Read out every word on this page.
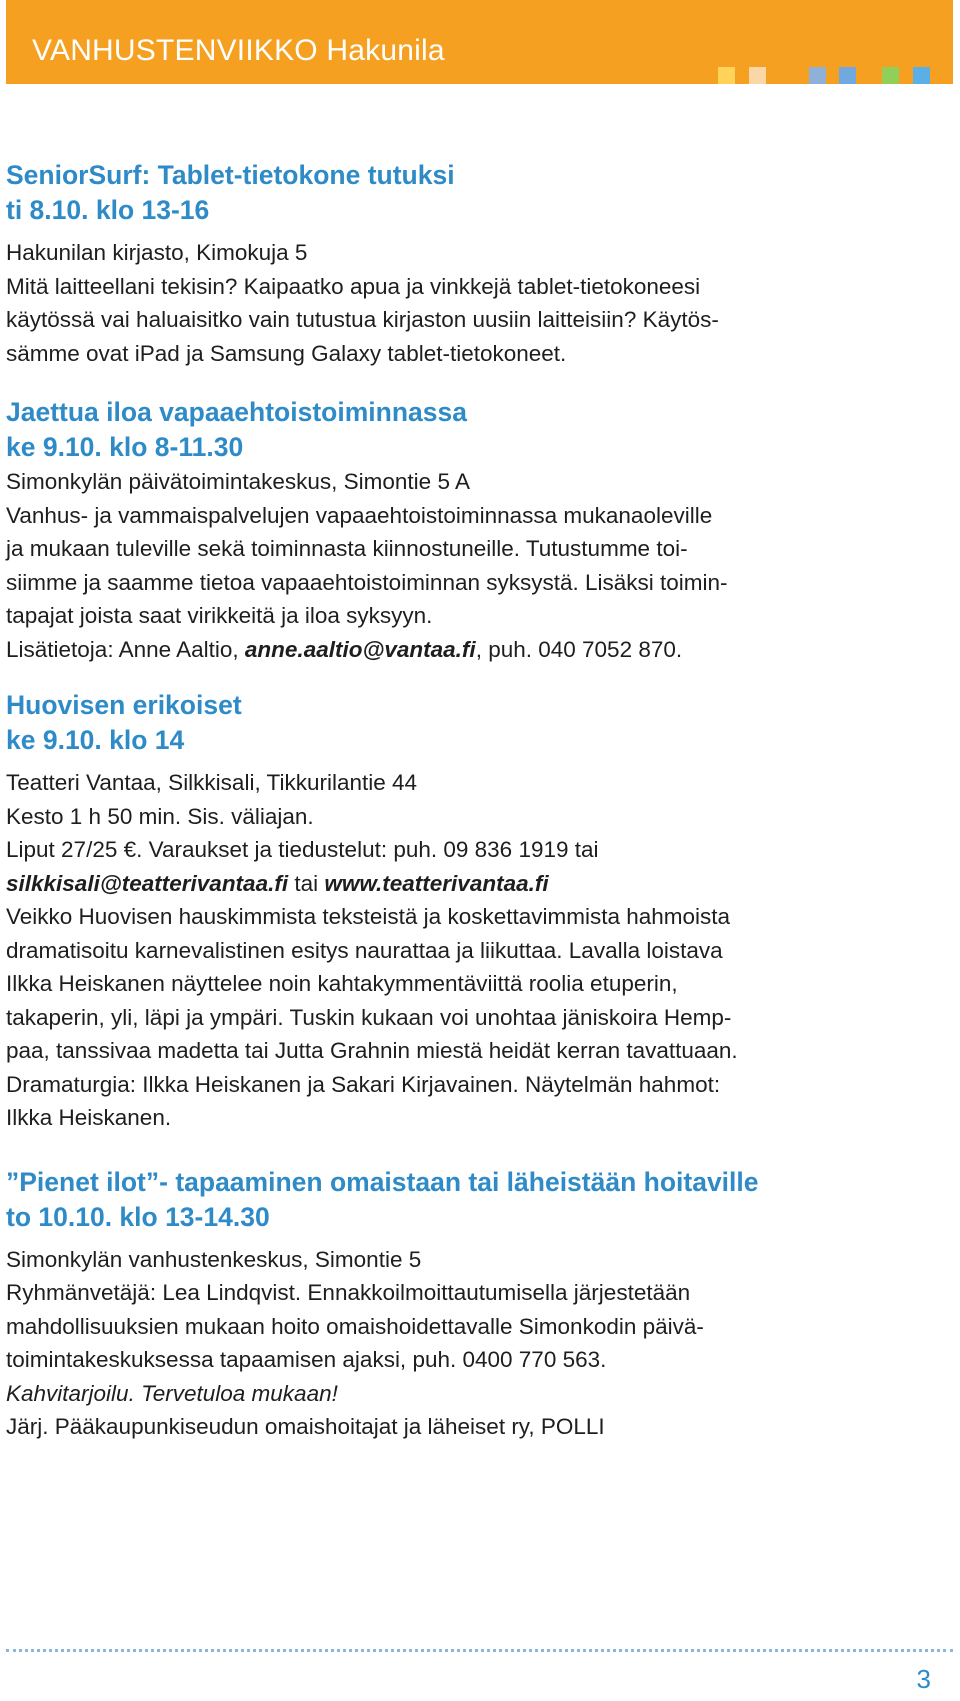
VANHUSTENVIIKKO Hakunila
SeniorSurf: Tablet-tietokone tutuksi
ti 8.10. klo 13-16

Hakunilan kirjasto, Kimokuja 5

Mitä laitteellani tekisin? Kaipaatko apua ja vinkkejä tablet-tietokoneesi

käytössä vai haluaisitko vain tutustua kirjaston uusiin laitteisiin? Käytös-

sämme ovat iPad ja Samsung Galaxy tablet-tietokoneet.

Jaettua iloa vapaaehtoistoiminnassa
ke 9.10. klo 8-11.30

Simonkylän päivätoimintakeskus, Simontie 5 A

Vanhus- ja vammaispalvelujen vapaaehtoistoiminnassa mukanaoleville

ja mukaan tuleville sekä toiminnasta kiinnostuneille. Tutustumme toi-

siimme ja saamme tietoa vapaaehtoistoiminnan syksystä. Lisäksi toimin-

tapajat joista saat virikkeitä ja iloa syksyyn.

Lisätietoja: Anne Aaltio, anne.aaltio@vantaa.fi, puh. 040 7052 870.

Huovisen erikoiset
ke 9.10. klo 14

Teatteri Vantaa, Silkkisali, Tikkurilantie 44

Kesto 1 h 50 min. Sis. väliajan.

Liput 27/25 €. Varaukset ja tiedustelut: puh. 09 836 1919 tai

silkkisali@teatterivantaa.fi tai www.teatterivantaa.fi

Veikko Huovisen hauskimmista teksteistä ja koskettavimmista hahmoista

dramatisoitu karnevalistinen esitys naurattaa ja liikuttaa. Lavalla loistava

Ilkka Heiskanen näyttelee noin kahtakymmentäviittä roolia etuperin,

takaperin, yli, läpi ja ympäri. Tuskin kukaan voi unohtaa jäniskoira Hemp-

paa, tanssivaa madetta tai Jutta Grahnin miestä heidät kerran tavattuaan.

Dramaturgia: Ilkka Heiskanen ja Sakari Kirjavainen. Näytelmän hahmot:

Ilkka Heiskanen.

”Pienet ilot”- tapaaminen omaistaan tai läheistään hoitaville
to 10.10. klo 13-14.30

Simonkylän vanhustenkeskus, Simontie 5

Ryhmänvetäjä: Lea Lindqvist. Ennakkoilmoittautumisella järjestetään

mahdollisuuksien mukaan hoito omaishoidettavalle Simonkodin päivä-

toimintakeskuksessa tapaamisen ajaksi, puh. 0400 770 563.

Kahvitarjoilu. Tervetuloa mukaan!

Järj. Pääkaupunkiseudun omaishoitajat ja läheiset ry, POLLI

3
